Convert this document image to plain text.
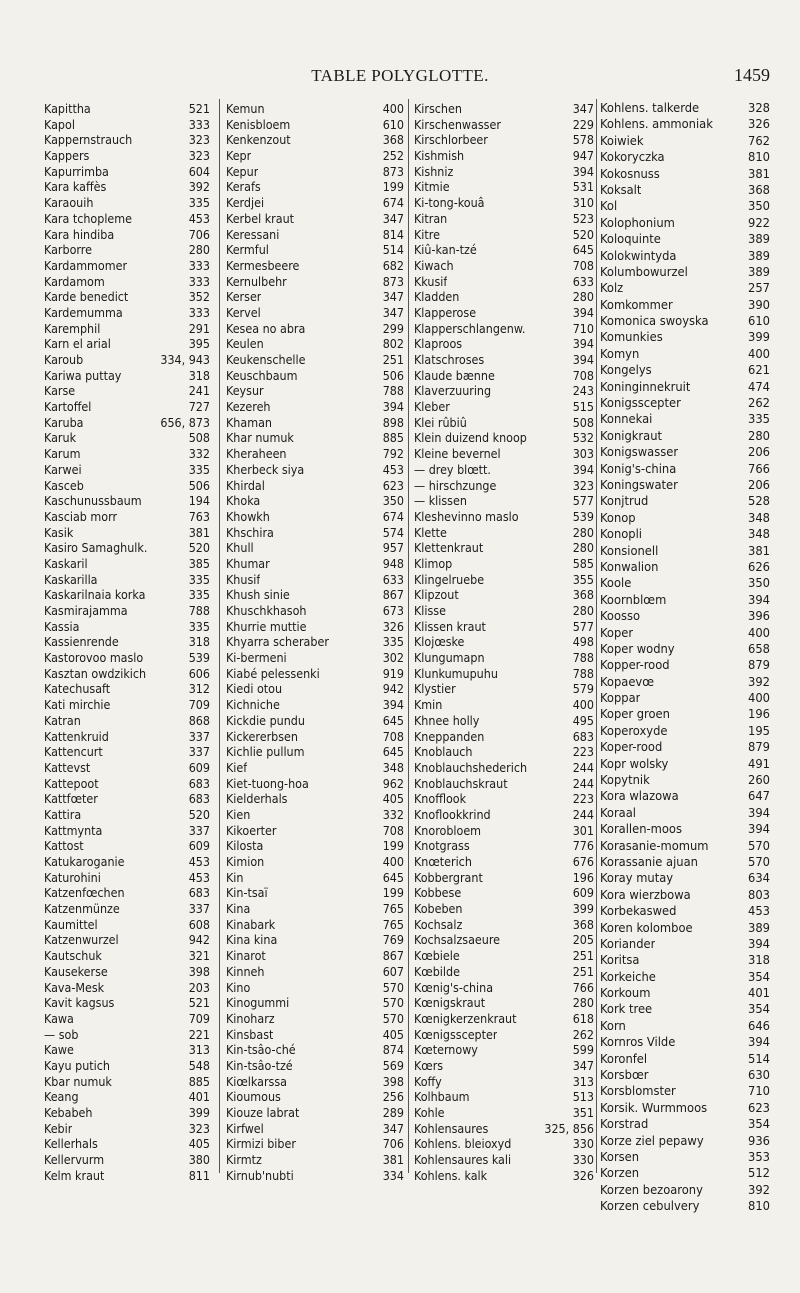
TABLE POLYGLOTTE.	1459
Kapittha	521
Kapol	333
Kappernstrauch	323
Kappers	323
Kapurrimba	604
Kara kaffès	392
Karaouih	335
Kara tchopleme	453
Kara hindiba	706
Karborre	280
Kardammomer	333
Kardamom	333
Karde benedict	352
Kardemumma	333
Karemphil	291
Karn el arial	395
Karoub	334, 943
Kariwa puttay	318
Karse	241
Kartoffel	727
Karuba	656, 873
Karuk	508
Karum	332
Karwei	335
Kasceb	506
Kaschunussbaum	194
Kasciab morr	763
Kasik	381
Kasiro Samaghulk.	520
Kaskaril	385
Kaskarilla	335
Kaskarilnaia korka	335
Kasmirajamma	788
Kassia	335
Kassienrende	318
Kastorovoo maslo	539
Kasztan owdzikich	606
Katechusaft	312
Kati mirchie	709
Katran	868
Kattenkruid	337
Kattencurt	337
Kattevst	609
Kattepoot	683
Kattfœter	683
Kattira	520
Kattmynta	337
Kattost	609
Katukaroganie	453
Katurohini	453
Katzenfœchen	683
Katzenmünze	337
Kaumittel	608
Katzenwurzel	942
Kautschuk	321
Kausekerse	398
Kava-Mesk	203
Kavit kagsus	521
Kawa	709
— sob	221
Kawe	313
Kayu putich	548
Kbar numuk	885
Keang	401
Kebabeh	399
Kebir	323
Kellerhals	405
Kellervurm	380
Kelm kraut	811
Kemun	400
Kenisbloem	610
Kenkenzout	368
Kepr	252
Kepur	873
Kerafs	199
Kerdjei	674
Kerbel kraut	347
Keressani	814
Kermful	514
Kermesbeere	682
Kernulbehr	873
Kerser	347
Kervel	347
Kesea no abra	299
Keulen	802
Keukenschelle	251
Keuschbaum	506
Keysur	788
Kezereh	394
Khaman	898
Khar numuk	885
Kheraheen	792
Kherbeck siya	453
Khirdal	623
Khoka	350
Khowkh	674
Khschira	574
Khull	957
Khumar	948
Khusif	633
Khush sinie	867
Khuschkhasoh	673
Khurrie muttie	326
Khyarra scheraber	335
Ki-bermeni	302
Kiabé pelessenki	919
Kiedi otou	942
Kichniche	394
Kickdie pundu	645
Kickererbsen	708
Kichlie pullum	645
Kief	348
Kiet-tuong-hoa	962
Kielderhals	405
Kien	332
Kikoerter	708
Kilosta	199
Kimion	400
Kin	645
Kin-tsaï	199
Kina	765
Kinabark	765
Kina kina	769
Kinarot	867
Kinneh	607
Kino	570
Kinogummi	570
Kinoharz	570
Kinsbast	405
Kin-tsâo-ché	874
Kin-tsâo-tzé	569
Kiœlkarssa	398
Kioumous	256
Kiouze labrat	289
Kirfwel	347
Kirmizi biber	706
Kirmtz	381
Kirnub'nubti	334
Kirschen	347
Kirschenwasser	229
Kirschlorbeer	578
Kishmish	947
Kishniz	394
Kitmie	531
Ki-tong-kouâ	310
Kitran	523
Kitre	520
Kiû-kan-tzé	645
Kiwach	708
Kkusif	633
Kladden	280
Klapperose	394
Klapperschlangenw.	710
Klaproos	394
Klatschroses	394
Klaude bænne	708
Klaverzuuring	243
Kleber	515
Klei rûbiû	508
Klein duizend knoop	532
Kleine bevernel	303
— drey blœtt.	394
— hirschzunge	323
— klissen	577
Kleshevinno maslo	539
Klette	280
Klettenkraut	280
Klimop	585
Klingelruebe	355
Klipzout	368
Klisse	280
Klissen kraut	577
Klojœske	498
Klungumapn	788
Klunkumupuhu	788
Klystier	579
Kmin	400
Khnee holly	495
Kneppanden	683
Knoblauch	223
Knoblauchshederich	244
Knoblauchskraut	244
Knofflook	223
Knoflookkrind	244
Knorobloem	301
Knotgrass	776
Knœterich	676
Kobbergrant	196
Kobbese	609
Kobeben	399
Kochsalz	368
Kochsalzsaeure	205
Kœbiele	251
Kœbilde	251
Kœnig's-china	766
Kœnigskraut	280
Kœnigkerzenkraut	618
Kœnigsscepter	262
Kœternowy	599
Kœrs	347
Koffy	313
Kolhbaum	513
Kohle	351
Kohlensaures	325, 856
Kohlens. bleioxyd	330
Kohlensaures kali	330
Kohlens. kalk	326
Kohlens. talkerde	328
Kohlens. ammoniak	326
Koiwiek	762
Kokoryczka	810
Kokosnuss	381
Koksalt	368
Kol	350
Kolophonium	922
Koloquinte	389
Kolokwintyda	389
Kolumbowurzel	389
Kolz	257
Komkommer	390
Komonica swoyska	610
Komunkies	399
Komyn	400
Kongelys	621
Koninginnekruit	474
Konigsscepter	262
Konnekai	335
Konigkraut	280
Konigswasser	206
Konig's-china	766
Koningswater	206
Konjtrud	528
Konop	348
Konopli	348
Konsionell	381
Konwalion	626
Koole	350
Koornblœm	394
Koosso	396
Koper	400
Koper wodny	658
Kopper-rood	879
Kopaevœ	392
Koppar	400
Koper groen	196
Koperoxyde	195
Koper-rood	879
Kopr wolsky	491
Kopytnik	260
Kora wlazowa	647
Koraal	394
Korallen-moos	394
Korasanie-momum	570
Korassanie ajuan	570
Koray mutay	634
Kora wierzbowa	803
Korbekaswed	453
Koren kolomboe	389
Koriander	394
Koritsa	318
Korkeiche	354
Korkoum	401
Kork tree	354
Korn	646
Kornros Vilde	394
Koronfel	514
Korsbœr	630
Korsblomster	710
Korsik. Wurmmoos	623
Korstrad	354
Korze ziel pepawy	936
Korsen	353
Korzen	512
Korzen bezoarony	392
Korzen cebulvery	810
